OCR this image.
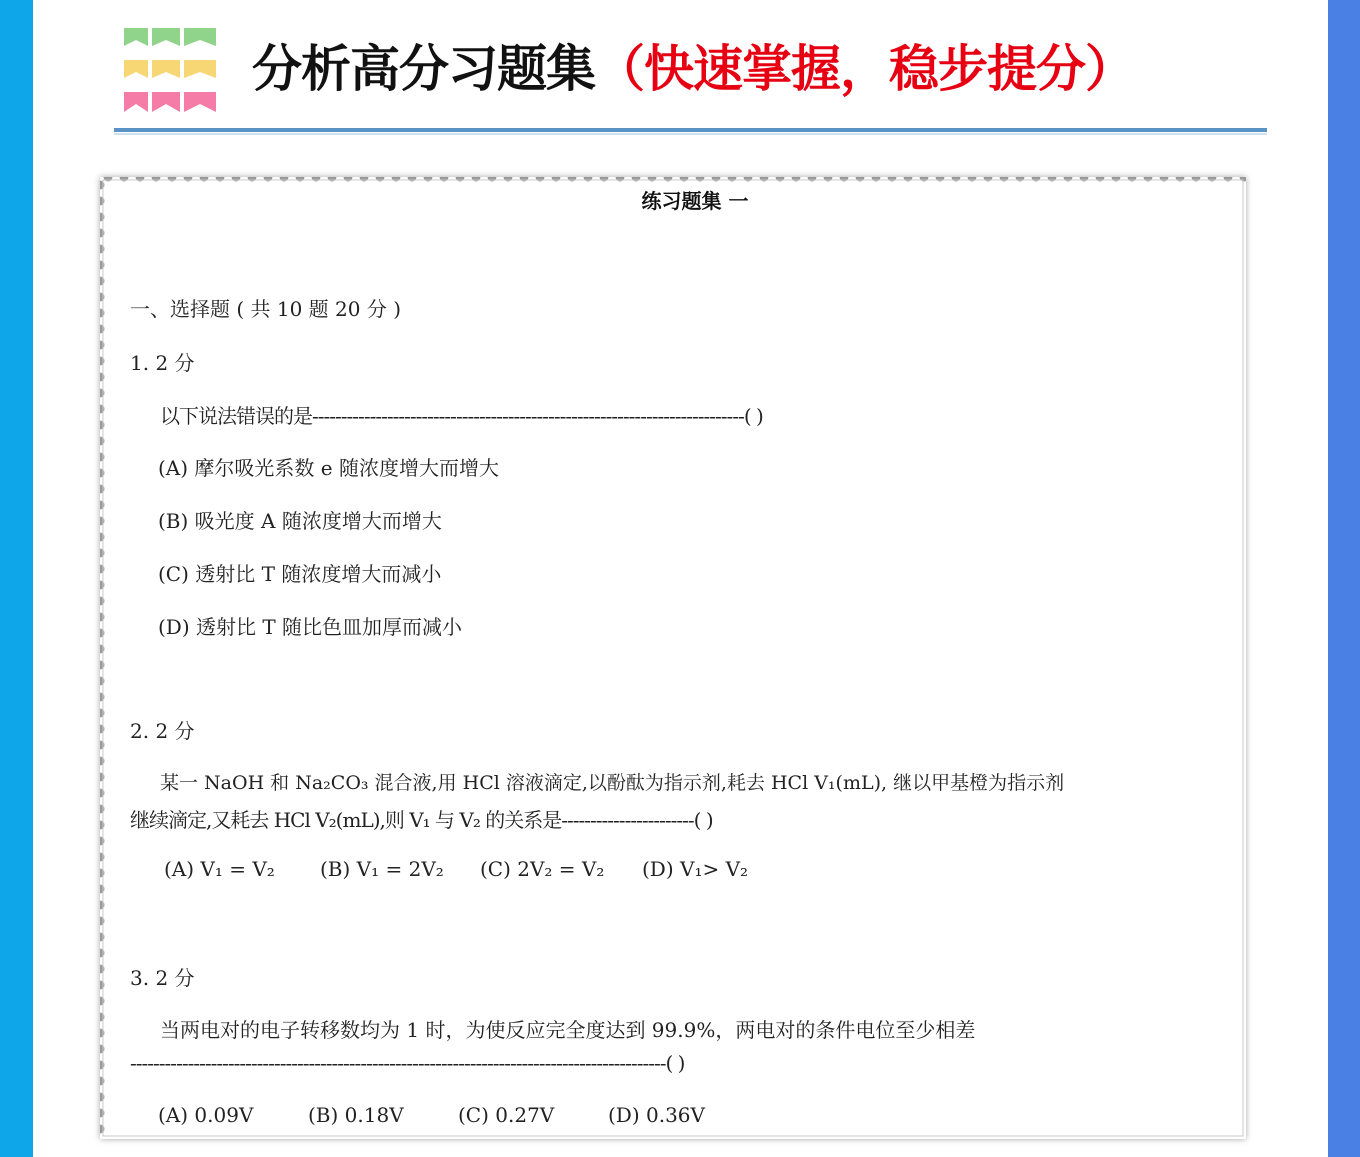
分析高分习题集（快速掌握，稳步提分）
练习题集 一
一、选择题 ( 共 10 题 20 分 )
1. 2 分
以下说法错误的是---------------------------------------------------------------------------( )
(A) 摩尔吸光系数 e 随浓度增大而增大
(B) 吸光度 A 随浓度增大而增大
(C) 透射比 T 随浓度增大而减小
(D) 透射比 T 随比色皿加厚而减小
2. 2 分
某一 NaOH 和 Na₂CO₃ 混合液,用 HCl 溶液滴定,以酚酞为指示剂,耗去 HCl V₁(mL), 继以甲基橙为指示剂
继续滴定,又耗去 HCl V₂(mL),则 V₁ 与 V₂ 的关系是-----------------------( )
(A) V₁ = V₂ (B) V₁ = 2V₂ (C) 2V₂ = V₂ (D) V₁> V₂
3. 2 分
当两电对的电子转移数均为 1 时，为使反应完全度达到 99.9%，两电对的条件电位至少相差
---------------------------------------------------------------------------------------------( )
(A) 0.09V	(B) 0.18V	(C) 0.27V	(D) 0.36V
